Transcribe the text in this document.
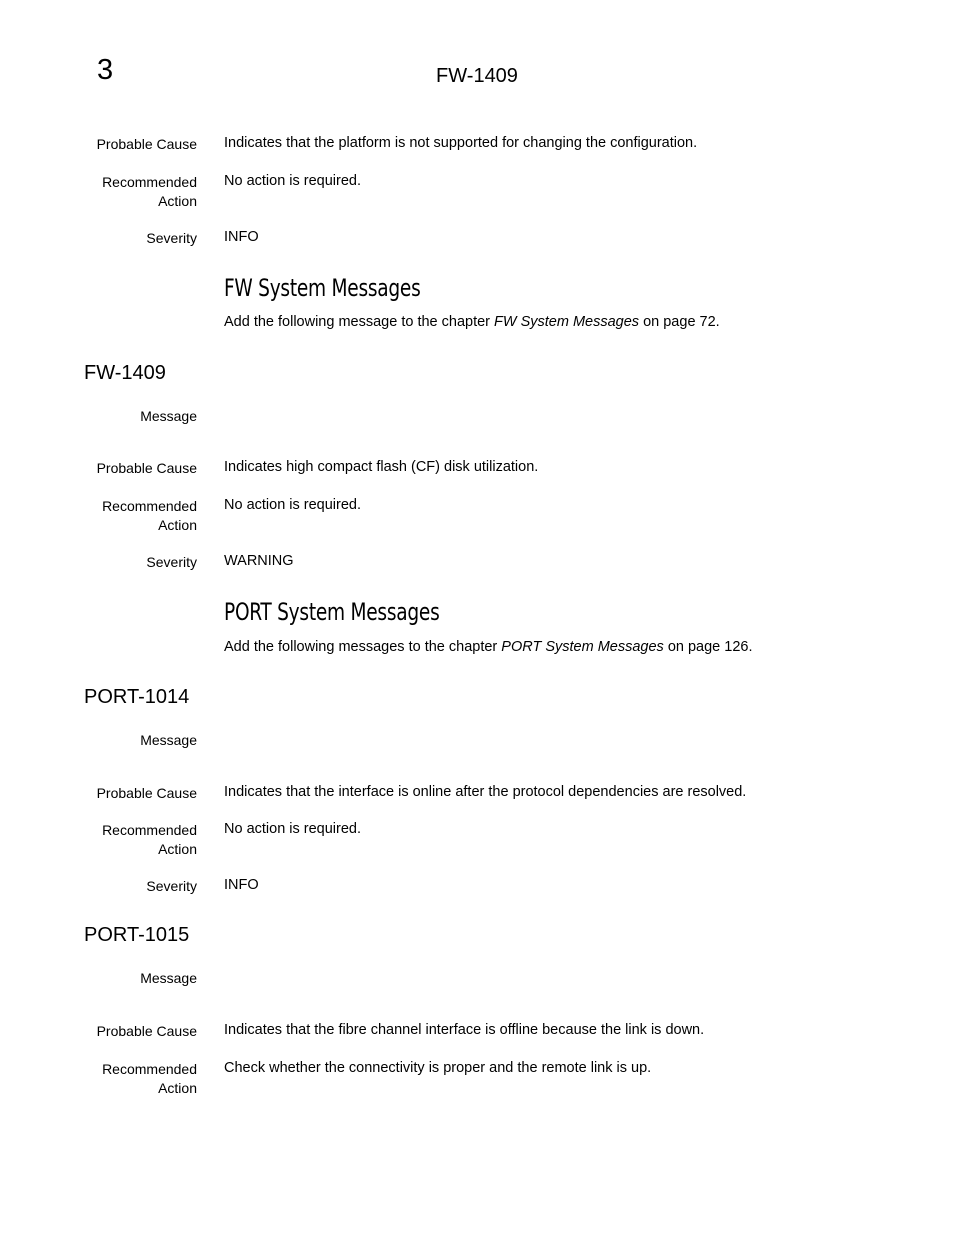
3	FW-1409
Probable Cause Indicates that the platform is not supported for changing the configuration.
Recommended
Action
No action is required.
Severity INFO
FW System Messages
Add the following message to the chapter FW System Messages on page 72.
FW-1409
Message
Probable Cause Indicates high compact flash (CF) disk utilization.
Recommended
Action
No action is required.
Severity WARNING
PORT System Messages
Add the following messages to the chapter PORT System Messages on page 126.
PORT-1014
Message
Probable Cause Indicates that the interface is online after the protocol dependencies are resolved.
Recommended
Action
No action is required.
Severity INFO
PORT-1015
Message
Probable Cause Indicates that the fibre channel interface is offline because the link is down.
Recommended
Action
Check whether the connectivity is proper and the remote link is up.
